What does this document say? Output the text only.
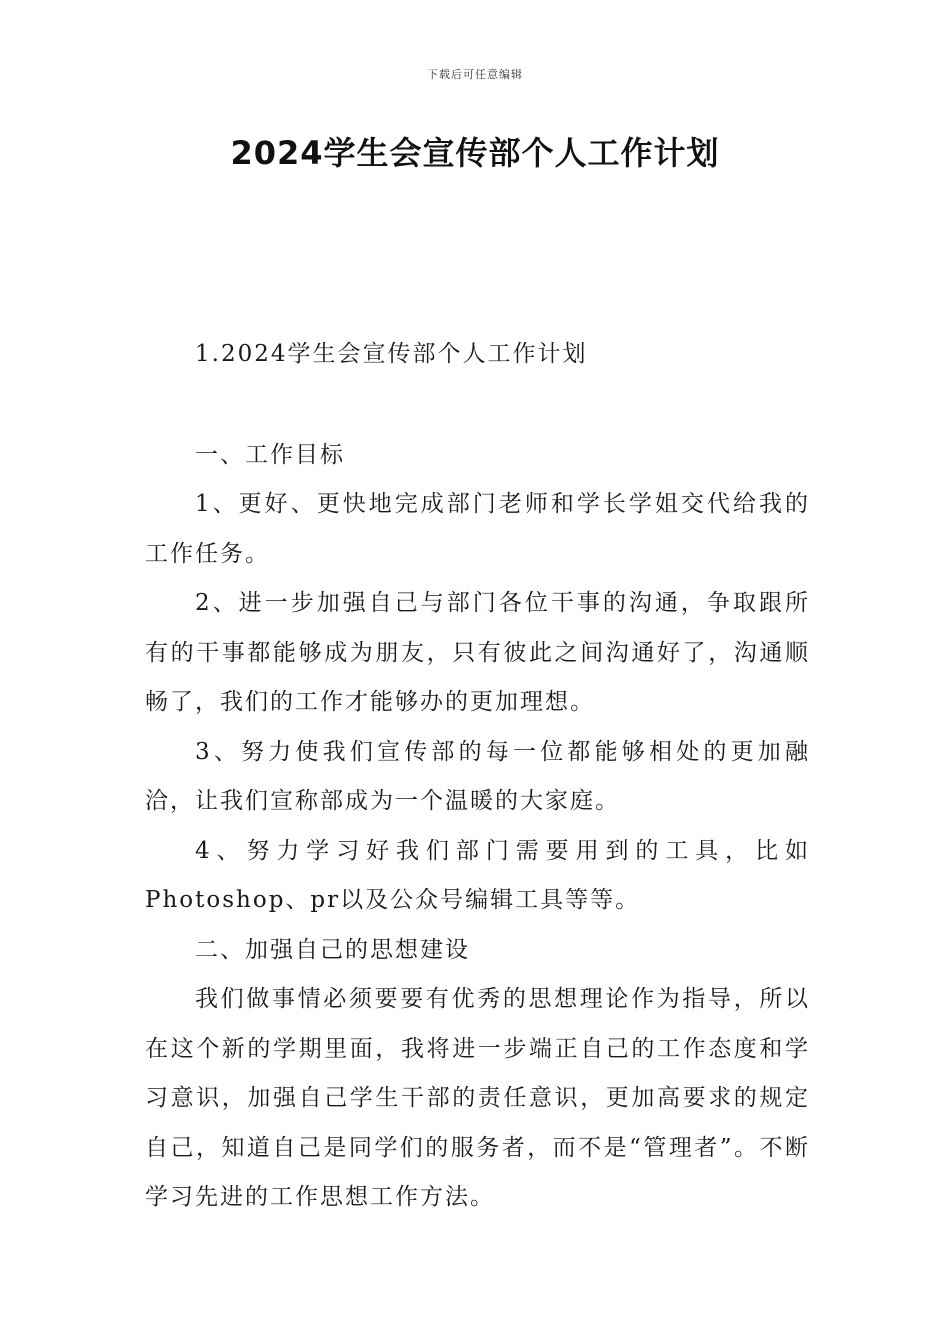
下载后可任意编辑
2024学生会宣传部个人工作计划

1.2024学生会宣传部个人工作计划

一、工作目标

1、更好、更快地完成部门老师和学长学姐交代给我的工作任务。

2、进一步加强自己与部门各位干事的沟通，争取跟所有的干事都能够成为朋友，只有彼此之间沟通好了，沟通顺畅了，我们的工作才能够办的更加理想。

3、努力使我们宣传部的每一位都能够相处的更加融洽，让我们宣称部成为一个温暖的大家庭。

4、努力学习好我们部门需要用到的工具，比如Photoshop、pr以及公众号编辑工具等等。

二、加强自己的思想建设

我们做事情必须要要有优秀的思想理论作为指导，所以在这个新的学期里面，我将进一步端正自己的工作态度和学习意识，加强自己学生干部的责任意识，更加高要求的规定自己，知道自己是同学们的服务者，而不是“管理者”。不断学习先进的工作思想工作方法。
